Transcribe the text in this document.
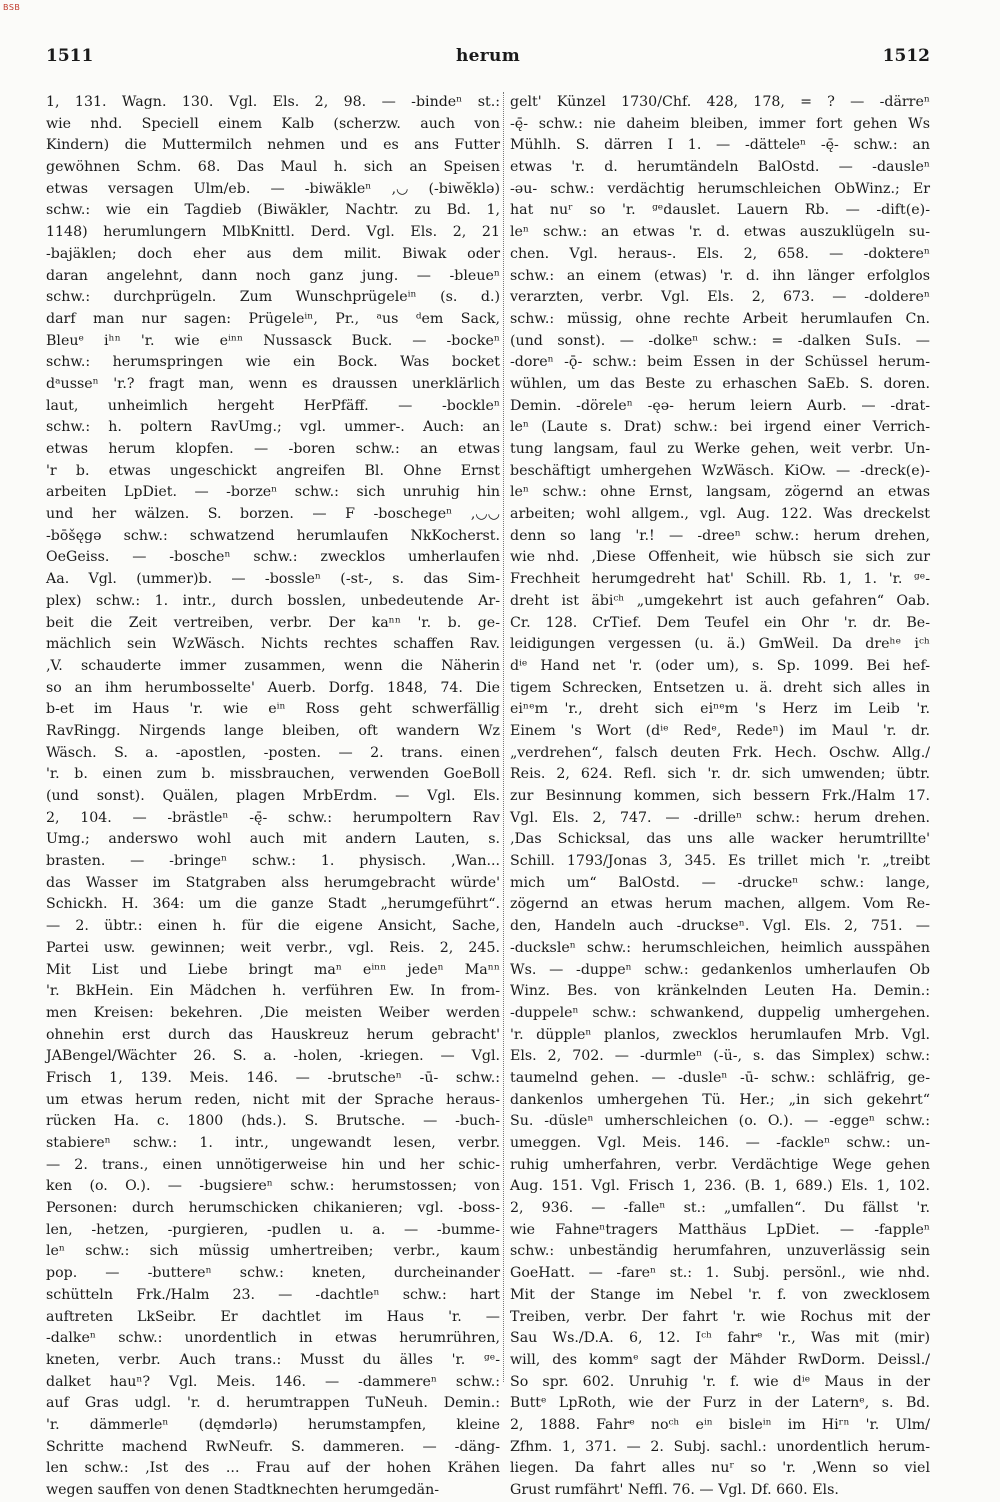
BSB
1511	herum	1512
1, 131. Wagn. 130. Vgl. Els. 2, 98. — -bindeⁿ st.:
wie nhd. Speciell einem Kalb (scherzw. auch von
Kindern) die Muttermilch nehmen und es ans Futter
gewöhnen Schm. 68. Das Maul h. sich an Speisen
etwas versagen Ulm/eb. — -biwäkleⁿ ‚◡ (-biwĕklə)
schw.: wie ein Tagdieb (Biwäkler, Nachtr. zu Bd. 1,
1148) herumlungern MlbKnittl. Derd. Vgl. Els. 2, 21
-bajäklen; doch eher aus dem milit. Biwak oder
daran angelehnt, dann noch ganz jung. — -bleueⁿ
schw.: durchprügeln. Zum Wunschprügeleⁱⁿ (s. d.)
darf man nur sagen: Prügeleⁱⁿ, Pr., ᵃus ᵈem Sack,
Bleuᵉ iʰⁿ 'r. wie eⁱⁿⁿ Nussasck Buck. — -bockeⁿ
schw.: herumspringen wie ein Bock. Was bocket
dᵃusseⁿ 'r.? fragt man, wenn es draussen unerklärlich
laut, unheimlich hergeht HerPfäff. — -bockleⁿ
schw.: h. poltern RavUmg.; vgl. ummer-. Auch: an
etwas herum klopfen. — -boren schw.: an etwas
'r b. etwas ungeschickt angreifen Bl. Ohne Ernst
arbeiten LpDiet. — -borzeⁿ schw.: sich unruhig hin
und her wälzen. S. borzen. — F -boschegeⁿ ‚◡◡
-bōšęgə schw.: schwatzend herumlaufen NkKocherst.
OeGeiss. — -boscheⁿ schw.: zwecklos umherlaufen
Aa. Vgl. (ummer)b. — -bossleⁿ (-st-, s. das Sim-
plex) schw.: 1. intr., durch bosslen, unbedeutende Ar-
beit die Zeit vertreiben, verbr. Der kaⁿⁿ 'r. b. ge-
mächlich sein WzWäsch. Nichts rechtes schaffen Rav.
‚V. schauderte immer zusammen, wenn die Näherin
so an ihm herumbosselte' Auerb. Dorfg. 1848, 74. Die
b-et im Haus 'r. wie eⁱⁿ Ross geht schwerfällig
RavRingg. Nirgends lange bleiben, oft wandern Wz
Wäsch. S. a. -apostlen, -posten. — 2. trans. einen
'r. b. einen zum b. missbrauchen, verwenden GoeBoll
(und sonst). Quälen, plagen MrbErdm. — Vgl. Els.
2, 104. — -brästleⁿ -ę̄- schw.: herumpoltern Rav
Umg.; anderswo wohl auch mit andern Lauten, s.
brasten. — -bringeⁿ schw.: 1. physisch. ‚Wan...
das Wasser im Statgraben alss herumgebracht würde'
Schickh. H. 364: um die ganze Stadt „herumgeführt“.
— 2. übtr.: einen h. für die eigene Ansicht, Sache,
Partei usw. gewinnen; weit verbr., vgl. Reis. 2, 245.
Mit List und Liebe bringt maⁿ eⁱⁿⁿ jedeⁿ Maⁿⁿ
'r. BkHein. Ein Mädchen h. verführen Ew. In from-
men Kreisen: bekehren. ‚Die meisten Weiber werden
ohnehin erst durch das Hauskreuz herum gebracht'
JABengel/Wächter 26. S. a. -holen, -kriegen. — Vgl.
Frisch 1, 139. Meis. 146. — -brutscheⁿ -ū- schw.:
um etwas herum reden, nicht mit der Sprache heraus-
rücken Ha. c. 1800 (hds.). S. Brutsche. — -buch-
stabiereⁿ schw.: 1. intr., ungewandt lesen, verbr.
— 2. trans., einen unnötigerweise hin und her schic-
ken (o. O.). — -bugsiereⁿ schw.: herumstossen; von
Personen: durch herumschicken chikanieren; vgl. -boss-
len, -hetzen, -purgieren, -pudlen u. a. — -bumme-
leⁿ schw.: sich müssig umhertreiben; verbr., kaum
pop. — -buttereⁿ schw.: kneten, durcheinander
schütteln Frk./Halm 23. — -dachtleⁿ schw.: hart
auftreten LkSeibr. Er dachtlet im Haus 'r. —
-dalkeⁿ schw.: unordentlich in etwas herumrühren,
kneten, verbr. Auch trans.: Musst du älles 'r. ᵍᵉ-
dalket hauⁿ? Vgl. Meis. 146. — -dammereⁿ schw.:
auf Gras udgl. 'r. d. herumtrappen TuNeuh. Demin.:
'r. dämmerleⁿ (dęmdərlə) herumstampfen, kleine
Schritte machend RwNeufr. S. dammeren. — -däng-
len schw.: ‚Ist des ... Frau auf der hohen Krähen
wegen sauffen von denen Stadtknechten herumgedän-
gelt' Künzel 1730/Chf. 428, 178, = ? — -därreⁿ
-ę̄- schw.: nie daheim bleiben, immer fort gehen Ws
Mühlh. S. därren I 1. — -dätteleⁿ -ę̄- schw.: an
etwas 'r. d. herumtändeln BalOstd. — -dausleⁿ
-əu- schw.: verdächtig herumschleichen ObWinz.; Er
hat nuʳ so 'r. ᵍᵉdauslet. Lauern Rb. — -dift(e)-
leⁿ schw.: an etwas 'r. d. etwas auszuklügeln su-
chen. Vgl. heraus-. Els. 2, 658. — -doktereⁿ
schw.: an einem (etwas) 'r. d. ihn länger erfolglos
verarzten, verbr. Vgl. Els. 2, 673. — -doldereⁿ
schw.: müssig, ohne rechte Arbeit herumlaufen Cn.
(und sonst). — -dolkeⁿ schw.: = -dalken SuIs. —
-doreⁿ -ǭ- schw.: beim Essen in der Schüssel herum-
wühlen, um das Beste zu erhaschen SaEb. S. doren.
Demin. -döreleⁿ -ęə- herum leiern Aurb. — -drat-
leⁿ (Laute s. Drat) schw.: bei irgend einer Verrich-
tung langsam, faul zu Werke gehen, weit verbr. Un-
beschäftigt umhergehen WzWäsch. KiOw. — -dreck(e)-
leⁿ schw.: ohne Ernst, langsam, zögernd an etwas
arbeiten; wohl allgem., vgl. Aug. 122. Was dreckelst
denn so lang 'r.! — -dreeⁿ schw.: herum drehen,
wie nhd. ‚Diese Offenheit, wie hübsch sie sich zur
Frechheit herumgedreht hat' Schill. Rb. 1, 1. 'r. ᵍᵉ-
dreht ist äbiᶜʰ „umgekehrt ist auch gefahren“ Oab.
Cr. 128. CrTief. Dem Teufel ein Ohr 'r. dr. Be-
leidigungen vergessen (u. ä.) GmWeil. Da dreʰᵉ iᶜʰ
dⁱᵉ Hand net 'r. (oder um), s. Sp. 1099. Bei hef-
tigem Schrecken, Entsetzen u. ä. dreht sich alles in
eiⁿᵉm 'r., dreht sich eiⁿᵉm 's Herz im Leib 'r.
Einem 's Wort (dⁱᵉ Redᵉ, Redeⁿ) im Maul 'r. dr.
„verdrehen“, falsch deuten Frk. Hech. Oschw. Allg./
Reis. 2, 624. Refl. sich 'r. dr. sich umwenden; übtr.
zur Besinnung kommen, sich bessern Frk./Halm 17.
Vgl. Els. 2, 747. — -drilleⁿ schw.: herum drehen.
‚Das Schicksal, das uns alle wacker herumtrillte'
Schill. 1793/Jonas 3, 345. Es trillet mich 'r. „treibt
mich um“ BalOstd. — -druckeⁿ schw.: lange,
zögernd an etwas herum machen, allgem. Vom Re-
den, Handeln auch -druckseⁿ. Vgl. Els. 2, 751. —
-ducksleⁿ schw.: herumschleichen, heimlich ausspähen
Ws. — -duppeⁿ schw.: gedankenlos umherlaufen Ob
Winz. Bes. von kränkelnden Leuten Ha. Demin.:
-duppeleⁿ schw.: schwankend, duppelig umhergehen.
'r. düppleⁿ planlos, zwecklos herumlaufen Mrb. Vgl.
Els. 2, 702. — -durmleⁿ (-ü-, s. das Simplex) schw.:
taumelnd gehen. — -dusleⁿ -ū- schw.: schläfrig, ge-
dankenlos umhergehen Tü. Her.; „in sich gekehrt“
Su. -düsleⁿ umherschleichen (o. O.). — -eggeⁿ schw.:
umeggen. Vgl. Meis. 146. — -fackleⁿ schw.: un-
ruhig umherfahren, verbr. Verdächtige Wege gehen
Aug. 151. Vgl. Frisch 1, 236. (B. 1, 689.) Els. 1, 102.
2, 936. — -falleⁿ st.: „umfallen“. Du fällst 'r.
wie Fahneⁿtragers Matthäus LpDiet. — -fappleⁿ
schw.: unbeständig herumfahren, unzuverlässig sein
GoeHatt. — -fareⁿ st.: 1. Subj. persönl., wie nhd.
Mit der Stange im Nebel 'r. f. von zwecklosem
Treiben, verbr. Der fahrt 'r. wie Rochus mit der
Sau Ws./D.A. 6, 12. Iᶜʰ fahrᵉ 'r., Was mit (mir)
will, des kommᵉ sagt der Mähder RwDorm. Deissl./
So spr. 602. Unruhig 'r. f. wie dⁱᵉ Maus in der
Buttᵉ LpRoth, wie der Furz in der Laternᵉ, s. Bd.
2, 1888. Fahrᵉ noᶜʰ eⁱⁿ bisleⁱⁿ im Hiʳⁿ 'r. Ulm/
Zfhm. 1, 371. — 2. Subj. sachl.: unordentlich herum-
liegen. Da fahrt alles nuʳ so 'r. ‚Wenn so viel
Grust rumfährt' Neffl. 76. — Vgl. Df. 660. Els.
